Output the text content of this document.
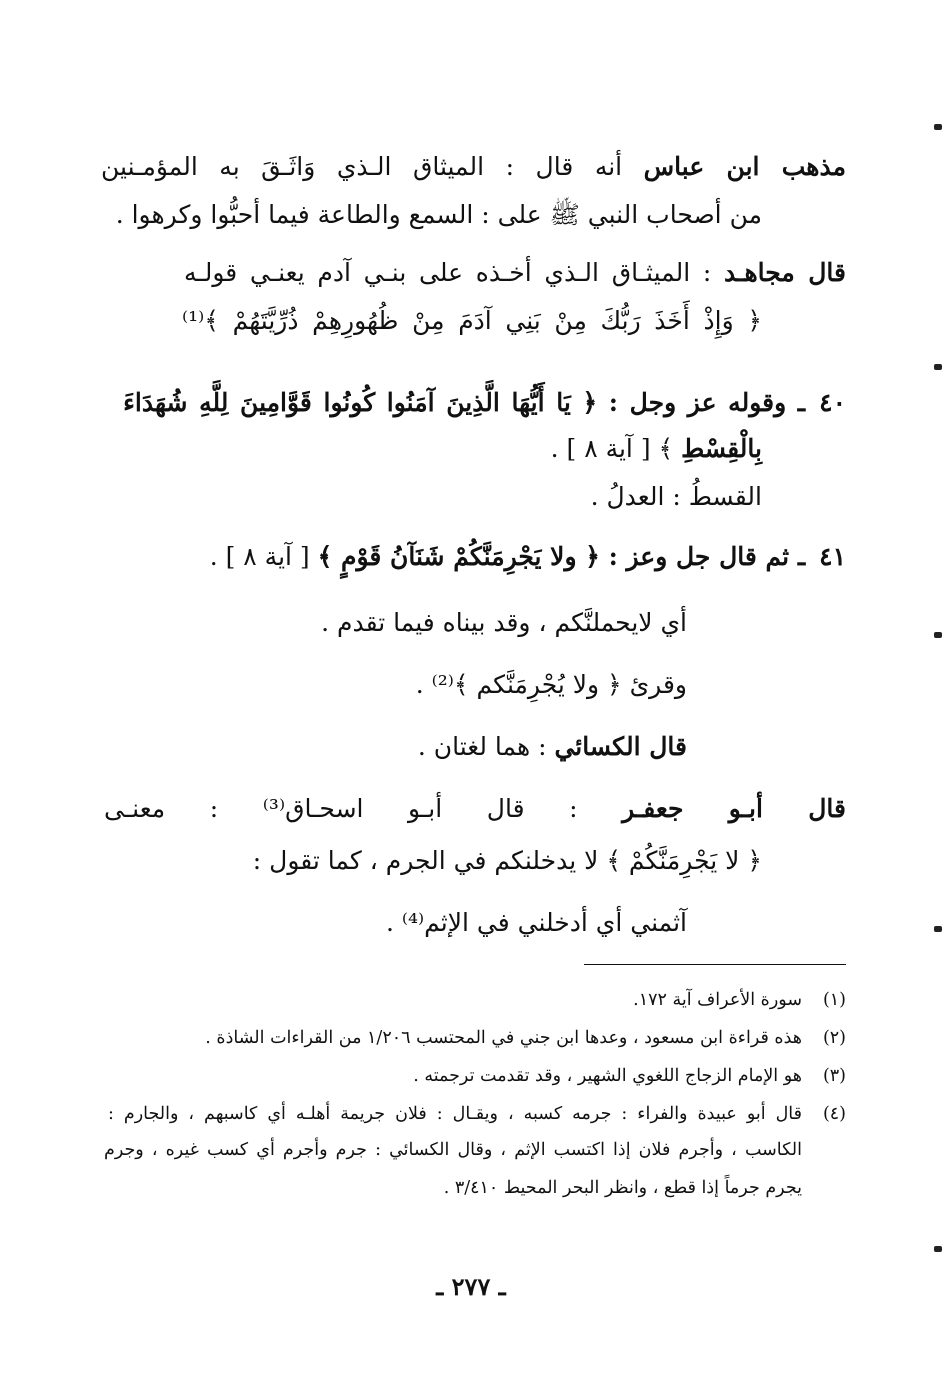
مذهب ابن عباس أنه قال : الميثاق الـذي وَاثَـقَ به المؤمـنين
من أصحاب النبي ﷺ على : السمع والطاعة فيما أحبُّوا وكرهوا .
قال مجاهـد : الميثـاق الـذي أخـذه على بنـي آدم يعنـي قولـه
﴿ وَإِذْ أَخَذَ رَبُّكَ مِنْ بَنِي آدَمَ مِنْ ظُهُورِهِمْ ذُرِّيَّتَهُمْ ﴾⁽¹⁾
٤٠ـ وقوله عز وجل : ﴿ يَا أَيُّهَا الَّذِينَ آمَنُوا كُونُوا قَوَّامِينَ لِلَّهِ شُهَدَاءَ
بِالْقِسْطِ ﴾ [ آية ٨ ] .
القسطُ : العدلُ .
٤١ـ ثم قال جل وعز : ﴿ ولا يَجْرِمَنَّكُمْ شَنَآنُ قَوْمٍ ﴾ [ آية ٨ ] .
أي لايحملنَّكم ، وقد بيناه فيما تقدم .
وقرئ ﴿ ولا يُجْرِمَنَّكم ﴾⁽²⁾ .
قال الكسائي : هما لغتان .
قال أبـو جعفـر : قال أبـو اسحـاق⁽³⁾ : معنـى
﴿ لا يَجْرِمَنَّكُمْ ﴾ لا يدخلنكم في الجرم ، كما تقول :
آثمني أي أدخلني في الإثم⁽⁴⁾ .
(١)سورة الأعراف آية ١٧٢.
(٢)هذه قراءة ابن مسعود ، وعدها ابن جني في المحتسب ١/٢٠٦ من القراءات الشاذة .
(٣)هو الإمام الزجاج اللغوي الشهير ، وقد تقدمت ترجمته .
(٤)قال أبو عبيدة والفراء : جرمه كسبه ، ويقـال : فلان جريمة أهلـه أي كاسبهم ، والجارم :
الكاسب ، وأجرم فلان إذا اكتسب الإثم ، وقال الكسائي : جرم وأجرم أي كسب غيره ، وجرم
يجرم جرماً إذا قطع ، وانظر البحر المحيط ٣/٤١٠ .
ـ ٢٧٧ ـ
